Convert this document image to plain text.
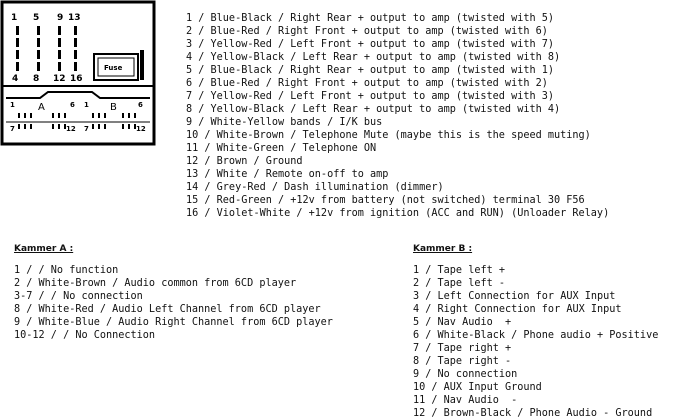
1 5 9 13
4 8 12 16
Fuse
A	B
1
7
6
12
1	6
7	12
1 / Blue-Black / Right Rear + output to amp (twisted with 5)
2 / Blue-Red / Right Front + output to amp (twisted with 6)
3 / Yellow-Red / Left Front + output to amp (twisted with 7)
4 / Yellow-Black / Left Rear + output to amp (twisted with 8)
5 / Blue-Black / Right Rear + output to amp (twisted with 1)
6 / Blue-Red / Right Front + output to amp (twisted with 2)
7 / Yellow-Red / Left Front + output to amp (twisted with 3)
8 / Yellow-Black / Left Rear + output to amp (twisted with 4)
9 / White-Yellow bands / I/K bus
10 / White-Brown / Telephone Mute (maybe this is the speed muting)
11 / White-Green / Telephone ON
12 / Brown / Ground
13 / White / Remote on-off to amp
14 / Grey-Red / Dash illumination (dimmer)
15 / Red-Green / +12v from battery (not switched) terminal 30 F56
16 / Violet-White / +12v from ignition (ACC and RUN) (Unloader Relay)
Kammer A :
1 / / No function
2 / White-Brown / Audio common from 6CD player
3-7 / / No connection
8 / White-Red / Audio Left Channel from 6CD player
9 / White-Blue / Audio Right Channel from 6CD player
10-12 / / No Connection
Kammer B :
1 / Tape left +
2 / Tape left -
3 / Left Connection for AUX Input
4 / Right Connection for AUX Input
5 / Nav Audio  +
6 / White-Black / Phone audio + Positive
7 / Tape right +
8 / Tape right -
9 / No connection
10 / AUX Input Ground
11 / Nav Audio  -
12 / Brown-Black / Phone Audio - Ground
